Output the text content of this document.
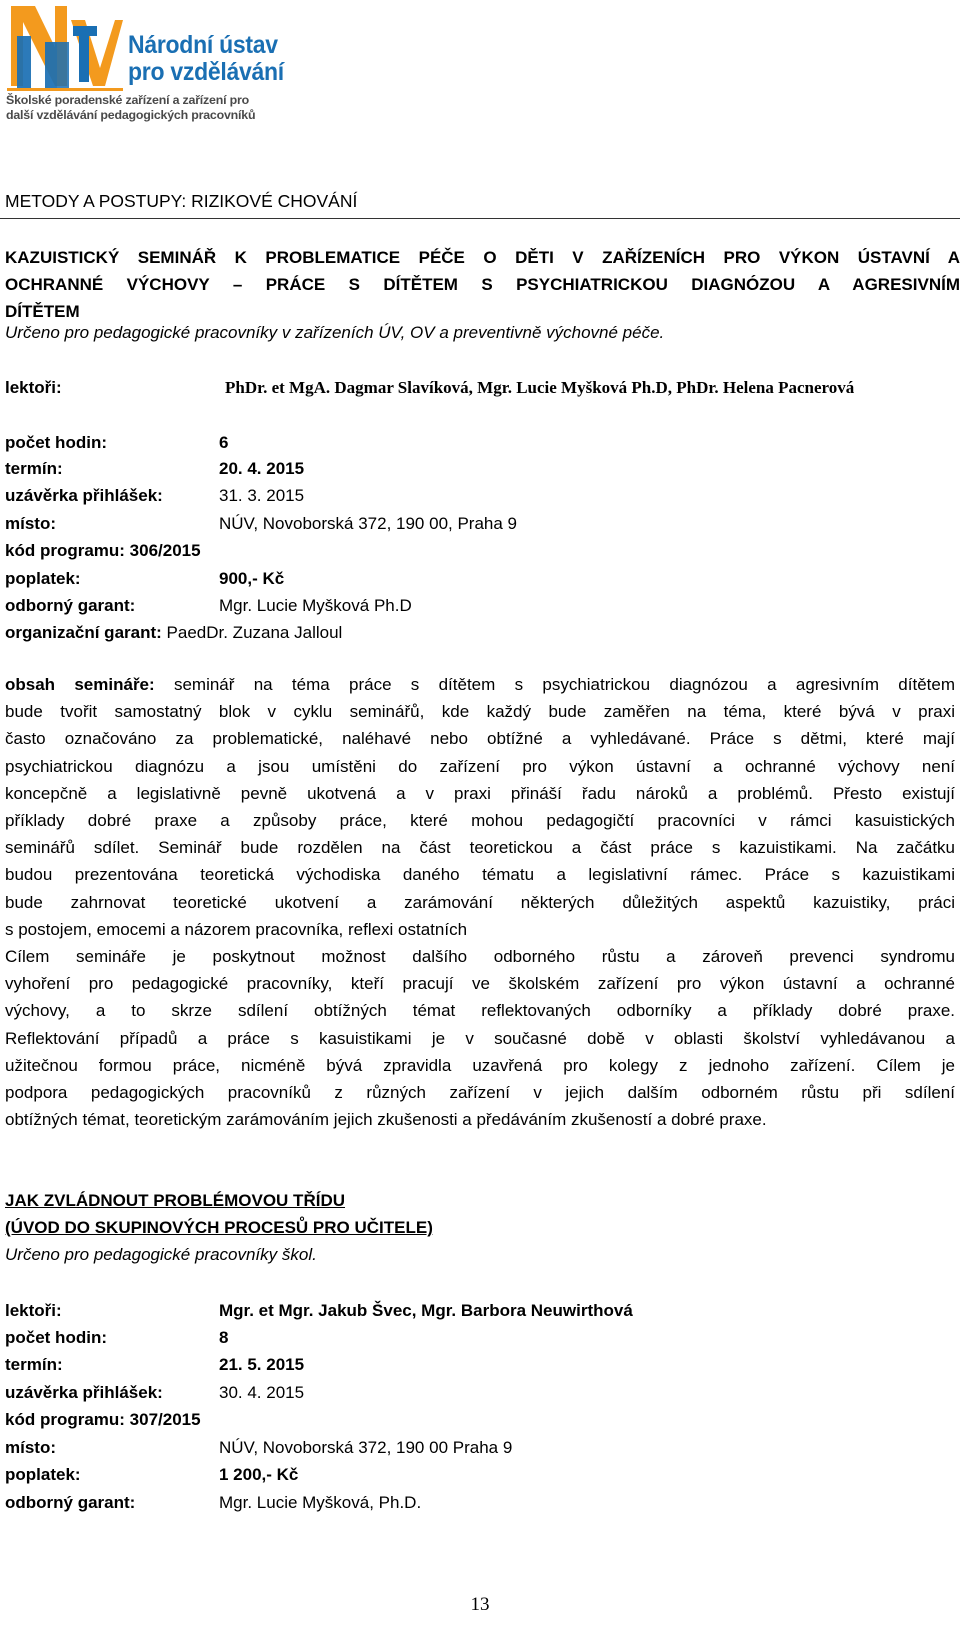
Národní ústav
pro vzdělávání
Školské poradenské zařízení a zařízení pro
další vzdělávání pedagogických pracovníků
METODY A POSTUPY: RIZIKOVÉ CHOVÁNÍ
KAZUISTICKÝ SEMINÁŘ K PROBLEMATICE PÉČE O DĚTI V ZAŘÍZENÍCH PRO VÝKON ÚSTAVNÍ A
OCHRANNÉ VÝCHOVY – PRÁCE S DÍTĚTEM S PSYCHIATRICKOU DIAGNÓZOU A AGRESIVNÍM
DÍTĚTEM
Určeno pro pedagogické pracovníky v zařízeních ÚV, OV a preventivně výchovné péče.
lektoři:	PhDr. et MgA. Dagmar Slavíková, Mgr. Lucie Myšková Ph.D, PhDr. Helena Pacnerová
počet hodin:	6
termín:	20. 4. 2015
uzávěrka přihlášek:	31. 3. 2015
místo:	NÚV, Novoborská 372, 190 00, Praha 9
kód programu: 306/2015
poplatek:	900,- Kč
odborný garant:	Mgr. Lucie Myšková Ph.D
organizační garant: PaedDr. Zuzana Jalloul
obsah semináře: seminář na téma práce s dítětem s psychiatrickou diagnózou a agresivním dítětem
bude tvořit samostatný blok v cyklu seminářů, kde každý bude zaměřen na téma, které bývá v praxi
často označováno za problematické, naléhavé nebo obtížné a vyhledávané. Práce s dětmi, které mají
psychiatrickou diagnózu a jsou umístěni do zařízení pro výkon ústavní a ochranné výchovy není
koncepčně a legislativně pevně ukotvená a v praxi přináší řadu nároků a problémů. Přesto existují
příklady dobré praxe a způsoby práce, které mohou pedagogičtí pracovníci v rámci kasuistických
seminářů sdílet. Seminář bude rozdělen na část teoretickou a část práce s kazuistikami. Na začátku
budou prezentována teoretická východiska daného tématu a legislativní rámec. Práce s kazuistikami
bude zahrnovat teoretické ukotvení a zarámování některých důležitých aspektů kazuistiky, práci
s postojem, emocemi a názorem pracovníka, reflexi ostatních
Cílem semináře je poskytnout možnost dalšího odborného růstu a zároveň prevenci syndromu
vyhoření pro pedagogické pracovníky, kteří pracují ve školském zařízení pro výkon ústavní a ochranné
výchovy, a to skrze sdílení obtížných témat reflektovaných odborníky a příklady dobré praxe.
Reflektování případů a práce s kasuistikami je v současné době v oblasti školství vyhledávanou a
užitečnou formou práce, nicméně bývá zpravidla uzavřená pro kolegy z jednoho zařízení. Cílem je
podpora pedagogických pracovníků z různých zařízení v jejich dalším odborném růstu při sdílení
obtížných témat, teoretickým zarámováním jejich zkušenosti a předáváním zkušeností a dobré praxe.
JAK ZVLÁDNOUT PROBLÉMOVOU TŘÍDU
(ÚVOD DO SKUPINOVÝCH PROCESŮ PRO UČITELE)
Určeno pro pedagogické pracovníky škol.
lektoři:	Mgr. et Mgr. Jakub Švec, Mgr. Barbora Neuwirthová
počet hodin:	8
termín:	21. 5. 2015
uzávěrka přihlášek:	30. 4. 2015
kód programu: 307/2015
místo:	NÚV, Novoborská 372, 190 00 Praha 9
poplatek:	1 200,- Kč
odborný garant:	Mgr. Lucie Myšková, Ph.D.
13
